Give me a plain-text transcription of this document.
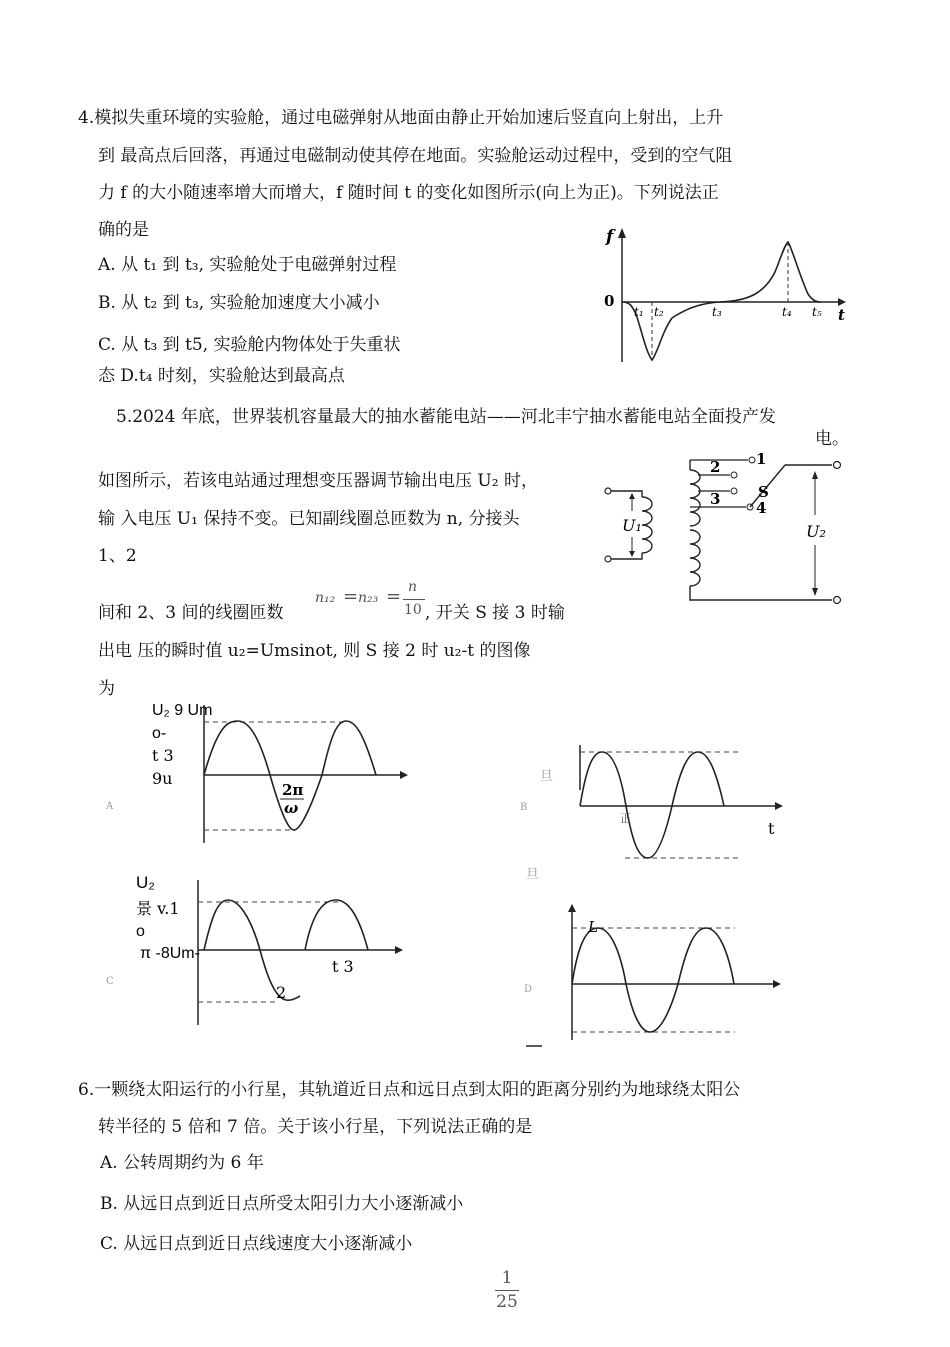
4.模拟失重环境的实验舱，通过电磁弹射从地面由静止开始加速后竖直向上射出，上升
到 最高点后回落，再通过电磁制动使其停在地面。实验舱运动过程中，受到的空气阻
力 f 的大小随速率增大而增大，f 随时间 t 的变化如图所示(向上为正)。下列说法正
确的是
A. 从 t₁ 到 t₃, 实验舱处于电磁弹射过程
B. 从 t₂ 到 t₃, 实验舱加速度大小减小
C. 从 t₃ 到 t5, 实验舱内物体处于失重状
态 D.t₄ 时刻，实验舱达到最高点
f
0
t
t₁ t₂	t₃	t₄ t₅
5.2024 年底，世界装机容量最大的抽水蓄能电站——河北丰宁抽水蓄能电站全面投产发
电。
如图所示，若该电站通过理想变压器调节输出电压 U₂ 时，
输 入电压 U₁ 保持不变。已知副线圈总匝数为 n, 分接头
1、2
间和 2、3 间的线圈匝数
n₁₂ = n₂₃ = n
10 , 开关 S 接 3 时输
出电 压的瞬时值 u₂=Umsinot, 则 S 接 2 时 u₂-t 的图像
为
U₁	U₂
1
2
3 4
S
U₂ 9 Um
o-
t 3
9u
2π
ω
A
旦
正
t
旦
B
U₂
景 v.1
o
π -8Um-
t 3
2
C
L
D
6.一颗绕太阳运行的小行星，其轨道近日点和远日点到太阳的距离分别约为地球绕太阳公
转半径的 5 倍和 7 倍。关于该小行星，下列说法正确的是
A. 公转周期约为 6 年
B. 从远日点到近日点所受太阳引力大小逐渐减小
C. 从远日点到近日点线速度大小逐渐减小
1
25
